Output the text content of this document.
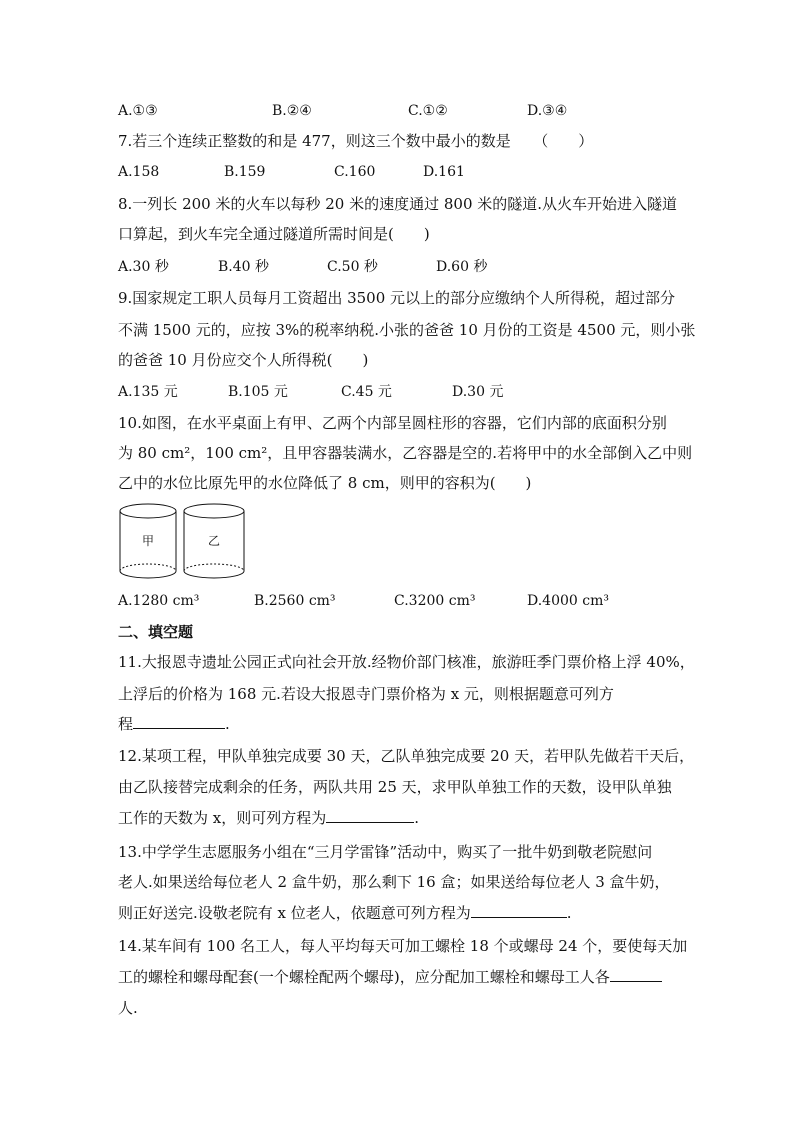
A.①③	B.②④	C.①②	D.③④
7.若三个连续正整数的和是 477，则这三个数中最小的数是　　（　　）
A.158	B.159	C.160	D.161
8.一列长 200 米的火车以每秒 20 米的速度通过 800 米的隧道.从火车开始进入隧道
口算起，到火车完全通过隧道所需时间是(　　)
A.30 秒	B.40 秒	C.50 秒	D.60 秒
9.国家规定工职人员每月工资超出 3500 元以上的部分应缴纳个人所得税，超过部分
不满 1500 元的，应按 3%的税率纳税.小张的爸爸 10 月份的工资是 4500 元，则小张
的爸爸 10 月份应交个人所得税(　　)
A.135 元	B.105 元	C.45 元	D.30 元
10.如图，在水平桌面上有甲、乙两个内部呈圆柱形的容器，它们内部的底面积分别
为 80 cm²，100 cm²，且甲容器装满水，乙容器是空的.若将甲中的水全部倒入乙中则
乙中的水位比原先甲的水位降低了 8 cm，则甲的容积为(　　)
甲	乙
A.1280 cm³	B.2560 cm³	C.3200 cm³	D.4000 cm³
二、填空题
11.大报恩寺遗址公园正式向社会开放.经物价部门核准，旅游旺季门票价格上浮 40%，
上浮后的价格为 168 元.若设大报恩寺门票价格为 x 元，则根据题意可列方
程	.
12.某项工程，甲队单独完成要 30 天，乙队单独完成要 20 天，若甲队先做若干天后，
由乙队接替完成剩余的任务，两队共用 25 天，求甲队单独工作的天数，设甲队单独
工作的天数为 x，则可列方程为	.
13.中学学生志愿服务小组在“三月学雷锋”活动中，购买了一批牛奶到敬老院慰问
老人.如果送给每位老人 2 盒牛奶，那么剩下 16 盒；如果送给每位老人 3 盒牛奶，
则正好送完.设敬老院有 x 位老人，依题意可列方程为	.
14.某车间有 100 名工人，每人平均每天可加工螺栓 18 个或螺母 24 个，要使每天加
工的螺栓和螺母配套(一个螺栓配两个螺母)，应分配加工螺栓和螺母工人各
人.
